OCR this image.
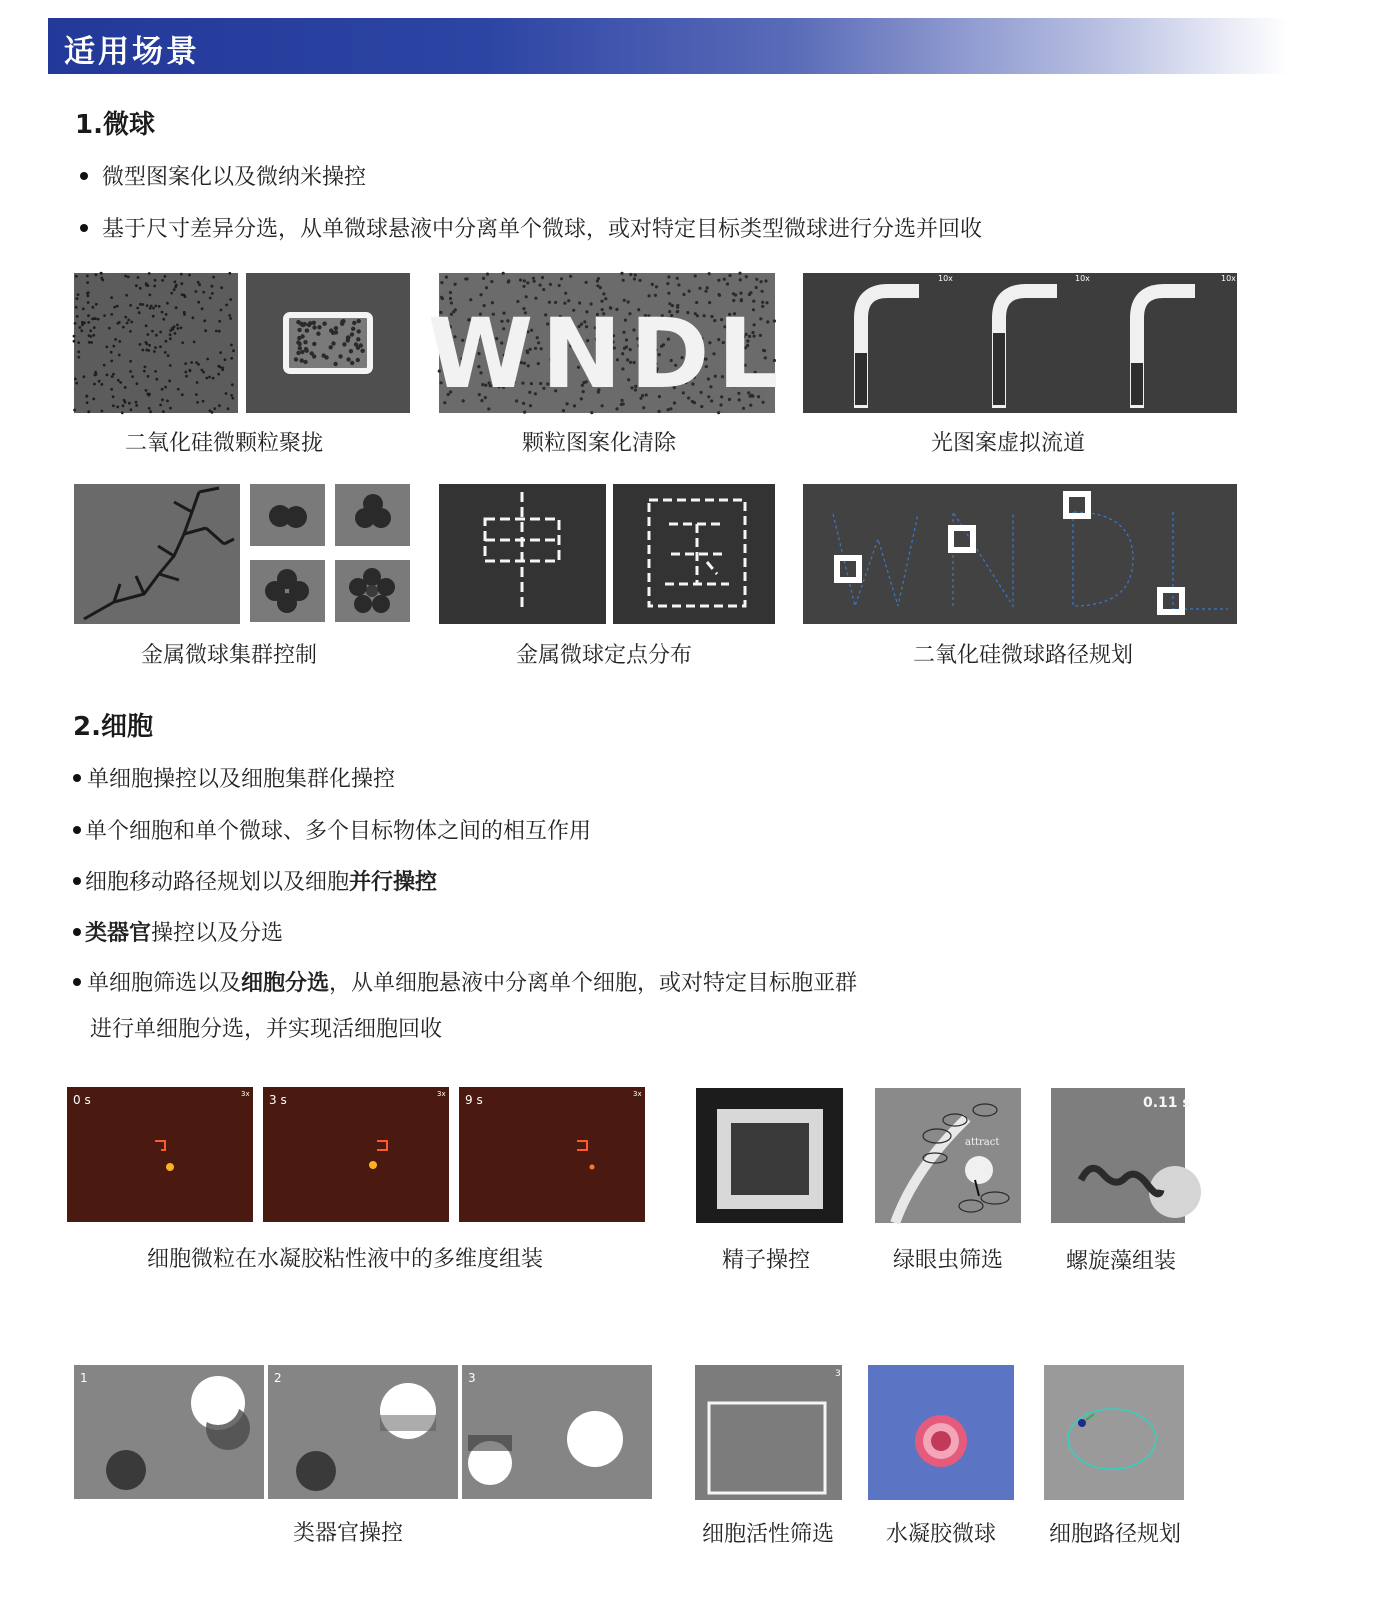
适用场景
1.微球
微型图案化以及微纳米操控
基于尺寸差异分选，从单微球悬液中分离单个微球，或对特定目标类型微球进行分选并回收
WNDL
10x	10x	10x
二氧化硅微颗粒聚拢	颗粒图案化清除	光图案虚拟流道
金属微球集群控制	金属微球定点分布	二氧化硅微球路径规划
2.细胞
单细胞操控以及细胞集群化操控
单个细胞和单个微球、多个目标物体之间的相互作用
细胞移动路径规划以及细胞并行操控
类器官操控以及分选
单细胞筛选以及细胞分选，从单细胞悬液中分离单个细胞，或对特定目标胞亚群
进行单细胞分选，并实现活细胞回收
0 s	3x 3 s	3x 9 s	3x
attract
0.11 s
细胞微粒在水凝胶粘性液中的多维度组装	精子操控	绿眼虫筛选	螺旋藻组装
1	2	3	3
类器官操控	细胞活性筛选	水凝胶微球	细胞路径规划
